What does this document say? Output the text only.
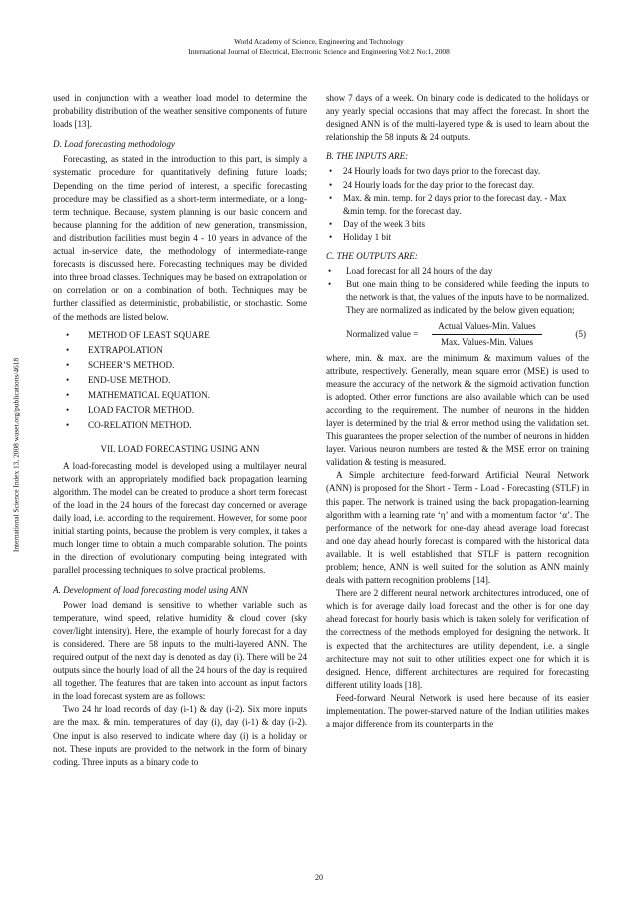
World Academy of Science, Engineering and Technology
International Journal of Electrical, Electronic Science and Engineering Vol:2 No:1, 2008
International Science Index 13, 2008 waset.org/publications/4618

used in conjunction with a weather load model to determine the probability distribution of the weather sensitive components of future loads [13].

D. Load forecasting methodology

Forecasting, as stated in the introduction to this part, is simply a systematic procedure for quantitatively defining future loads; Depending on the time period of interest, a specific forecasting procedure may be classified as a short-term intermediate, or a long-term technique. Because, system planning is our basic concern and because planning for the addition of new generation, transmission, and distribution facilities must begin 4 - 10 years in advance of the actual in-service date, the methodology of intermediate-range forecasts is discussed here. Forecasting techniques may be divided into three broad classes. Techniques may be based on extrapolation or on correlation or on a combination of both. Techniques may be further classified as deterministic, probabilistic, or stochastic. Some of the methods are listed below.

• METHOD OF LEAST SQUARE
• EXTRAPOLATION
• SCHEER’S METHOD.
• END-USE METHOD.
• MATHEMATICAL EQUATION.
• LOAD FACTOR METHOD.
• CO-RELATION METHOD.

VII. LOAD FORECASTING USING ANN

A load-forecasting model is developed using a multilayer neural network with an appropriately modified back propagation learning algorithm. The model can be created to produce a short term forecast of the load in the 24 hours of the forecast day concerned or average daily load, i.e. according to the requirement. However, for some poor initial starting points, because the problem is very complex, it takes a much longer time to obtain a much comparable solution. The points in the direction of evolutionary computing being integrated with parallel processing techniques to solve practical problems.

A. Development of load forecasting model using ANN

Power load demand is sensitive to whether variable such as temperature, wind speed, relative humidity & cloud cover (sky cover/light intensity). Here, the example of hourly forecast for a day is considered. There are 58 inputs to the multi-layered ANN. The required output of the next day is denoted as day (i). There will be 24 outputs since the hourly load of all the 24 hours of the day is required all together. The features that are taken into account as input factors in the load forecast system are as follows:

Two 24 hr load records of day (i-1) & day (i-2). Six more inputs are the max. & min. temperatures of day (i), day (i-1) & day (i-2). One input is also reserved to indicate where day (i) is a holiday or not. These inputs are provided to the network in the form of binary coding. Three inputs as a binary code to

show 7 days of a week. On binary code is dedicated to the holidays or any yearly special occasions that may affect the forecast. In short the designed ANN is of the multi-layered type & is used to learn about the relationship the 58 inputs & 24 outputs.

B. THE INPUTS ARE:

• 24 Hourly loads for two days prior to the forecast day.
• 24 Hourly loads for the day prior to the forecast day.
• Max. & min. temp. for 2 days prior to the forecast day. - Max &min temp. for the forecast day.
• Day of the week 3 bits
• Holiday 1 bit

C. THE OUTPUTS ARE:

• Load forecast for all 24 hours of the day
• But one main thing to be considered while feeding the inputs to the network is that, the values of the inputs have to be normalized. They are normalized as indicated by the below given equation;
Normalized value =
Actual Values-Min. Values
Max. Values-Min. Values
(5)

where, min. & max. are the minimum & maximum values of the attribute, respectively. Generally, mean square error (MSE) is used to measure the accuracy of the network & the sigmoid activation function is adopted. Other error functions are also available which can be used according to the requirement. The number of neurons in the hidden layer is determined by the trial & error method using the validation set. This guarantees the proper selection of the number of neurons in hidden layer. Various neuron numbers are tested & the MSE error on training validation & testing is measured.

A Simple architecture feed-forward Artificial Neural Network (ANN) is proposed for the Short - Term - Load - Forecasting (STLF) in this paper. The network is trained using the back propagation-learning algorithm with a learning rate ‘η’ and with a momentum factor ‘α’. The performance of the network for one-day ahead average load forecast and one day ahead hourly forecast is compared with the historical data available. It is well established that STLF is pattern recognition problem; hence, ANN is well suited for the solution as ANN mainly deals with pattern recognition problems [14].

There are 2 different neural network architectures introduced, one of which is for average daily load forecast and the other is for one day ahead forecast for hourly basis which is taken solely for verification of the correctness of the methods employed for designing the network. It is expected that the architectures are utility dependent, i.e. a single architecture may not suit to other utilities expect one for which it is designed. Hence, different architectures are required for forecasting different utility loads [18].

Feed-forward Neural Network is used here because of its easier implementation. The power-starved nature of the Indian utilities makes a major difference from its counterparts in the

20
